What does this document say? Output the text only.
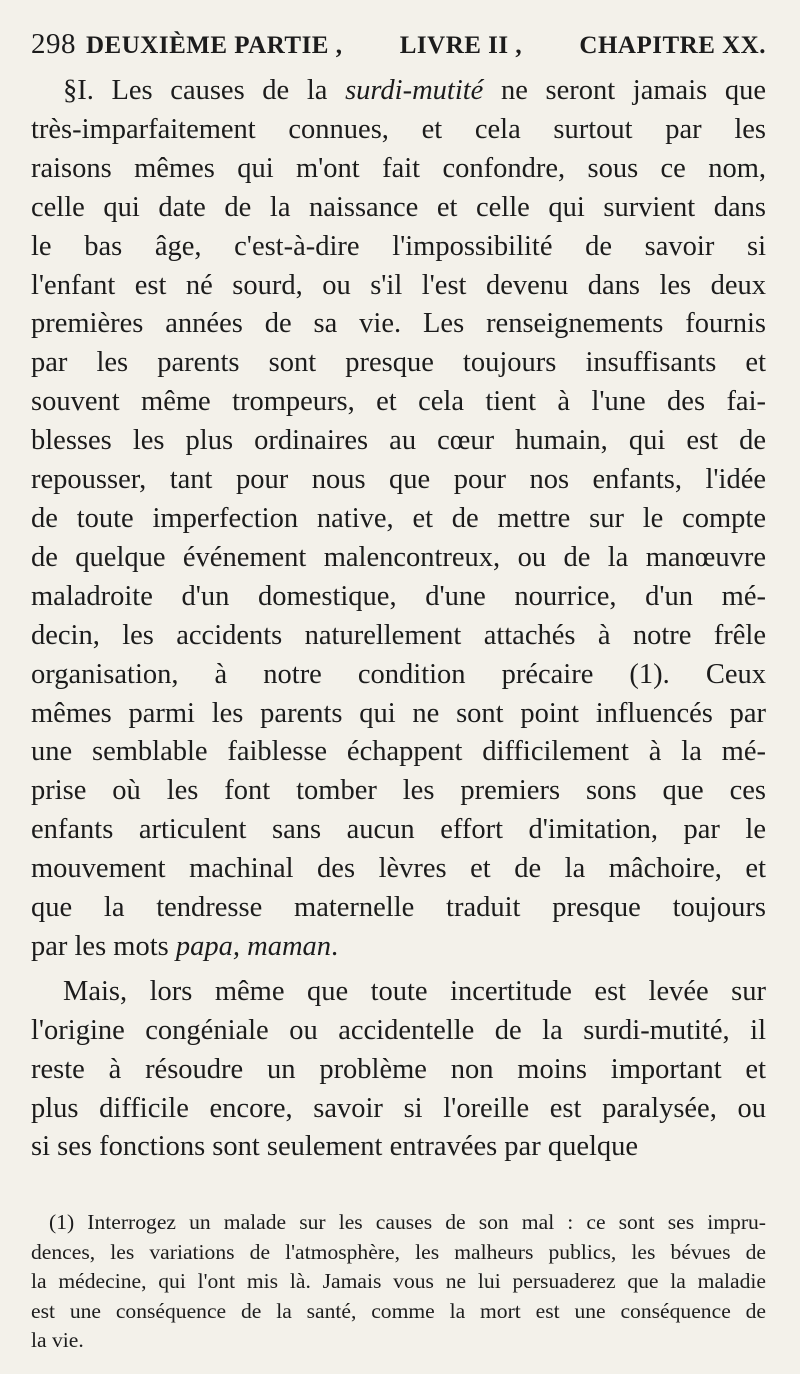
298 DEUXIÈME PARTIE , LIVRE II , CHAPITRE XX.
§I. Les causes de la surdi-mutité ne seront jamais que
très-imparfaitement connues, et cela surtout par les
raisons mêmes qui m'ont fait confondre, sous ce nom,
celle qui date de la naissance et celle qui survient dans
le bas âge, c'est-à-dire l'impossibilité de savoir si
l'enfant est né sourd, ou s'il l'est devenu dans les deux
premières années de sa vie. Les renseignements fournis
par les parents sont presque toujours insuffisants et
souvent même trompeurs, et cela tient à l'une des fai-
blesses les plus ordinaires au cœur humain, qui est de
repousser, tant pour nous que pour nos enfants, l'idée
de toute imperfection native, et de mettre sur le compte
de quelque événement malencontreux, ou de la manœuvre
maladroite d'un domestique, d'une nourrice, d'un mé-
decin, les accidents naturellement attachés à notre frêle
organisation, à notre condition précaire (1). Ceux
mêmes parmi les parents qui ne sont point influencés par
une semblable faiblesse échappent difficilement à la mé-
prise où les font tomber les premiers sons que ces
enfants articulent sans aucun effort d'imitation, par le
mouvement machinal des lèvres et de la mâchoire, et
que la tendresse maternelle traduit presque toujours
par les mots papa, maman.
Mais, lors même que toute incertitude est levée sur
l'origine congéniale ou accidentelle de la surdi-mutité, il
reste à résoudre un problème non moins important et
plus difficile encore, savoir si l'oreille est paralysée, ou
si ses fonctions sont seulement entravées par quelque
(1) Interrogez un malade sur les causes de son mal : ce sont ses impru-
dences, les variations de l'atmosphère, les malheurs publics, les bévues de
la médecine, qui l'ont mis là. Jamais vous ne lui persuaderez que la maladie
est une conséquence de la santé, comme la mort est une conséquence de
la vie.
